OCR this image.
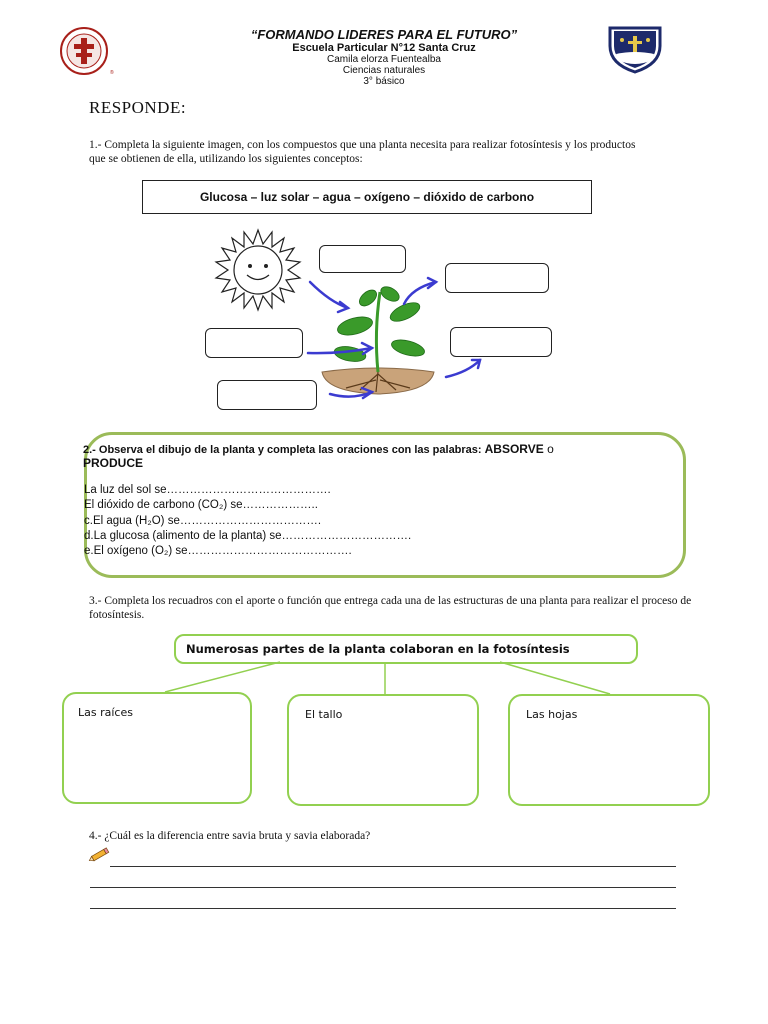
®
“FORMANDO LIDERES PARA EL FUTURO”
Escuela Particular N°12 Santa Cruz
Camila elorza Fuentealba
Ciencias naturales
3° básico
RESPONDE:
1.- Completa la siguiente imagen, con los compuestos que una planta necesita para realizar fotosíntesis y los productos que se obtienen de ella, utilizando los siguientes conceptos:
Glucosa – luz solar – agua – oxígeno – dióxido de carbono
2.- Observa el dibujo de la planta y completa las oraciones con las palabras: ABSORVE o
PRODUCE
La luz del sol se…………………………………….
El dióxido de carbono (CO₂) se………………..
c.El agua (H₂O) se……………………………….
d.La glucosa (alimento de la planta) se…………………………….
e.El oxígeno (O₂) se…………………………………….
3.- Completa los recuadros con el aporte o función que entrega cada una de las estructuras de una planta para realizar el proceso de fotosíntesis.
Numerosas partes de la planta colaboran en la fotosíntesis
Las raíces	El tallo	Las hojas
4.- ¿Cuál es la diferencia entre savia bruta y savia elaborada?
